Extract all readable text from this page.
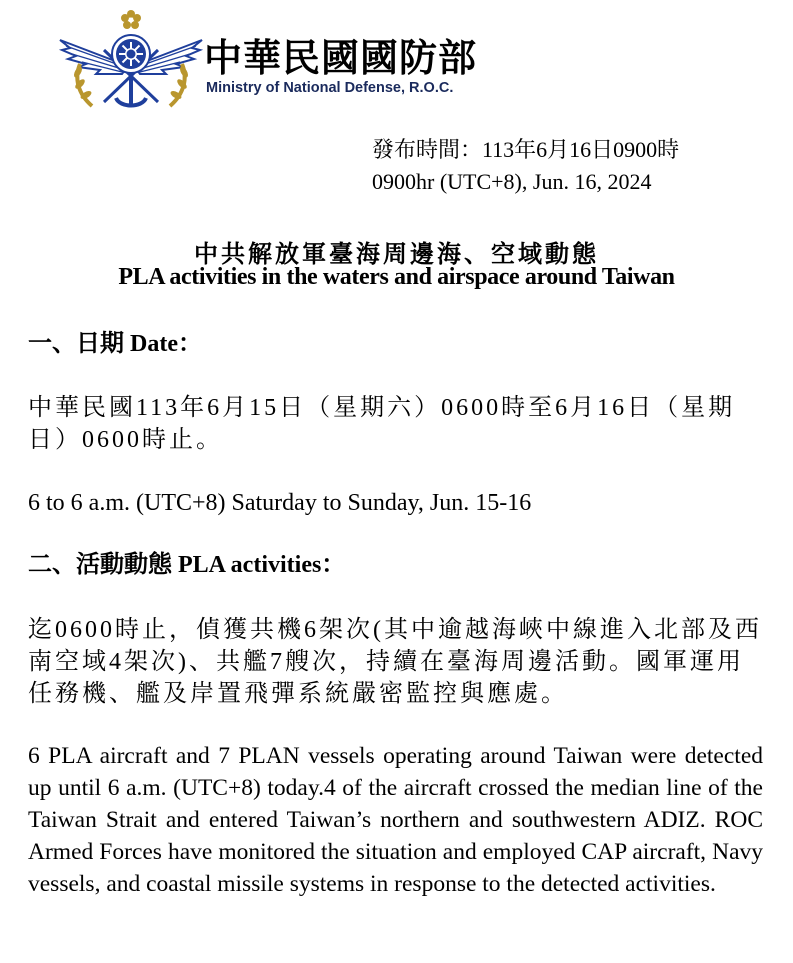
中華民國國防部
Ministry of National Defense, R.O.C.
發布時間：113年6月16日0900時
0900hr (UTC+8), Jun. 16, 2024
中共解放軍臺海周邊海、空域動態
PLA activities in the waters and airspace around Taiwan
一、日期 Date：
中華民國113年6月15日（星期六）0600時至6月16日（星期日）0600時止。
6 to 6 a.m. (UTC+8) Saturday to Sunday, Jun. 15-16
二、活動動態 PLA activities：
迄0600時止，偵獲共機6架次(其中逾越海峽中線進入北部及西南空域4架次)、共艦7艘次，持續在臺海周邊活動。國軍運用任務機、艦及岸置飛彈系統嚴密監控與應處。
6 PLA aircraft and 7 PLAN vessels operating around Taiwan were detected up until 6 a.m. (UTC+8) today.4 of the aircraft crossed the median line of the Taiwan Strait and entered Taiwan’s northern and southwestern ADIZ. ROC Armed Forces have monitored the situation and employed CAP aircraft, Navy vessels, and coastal missile systems in response to the detected activities.
